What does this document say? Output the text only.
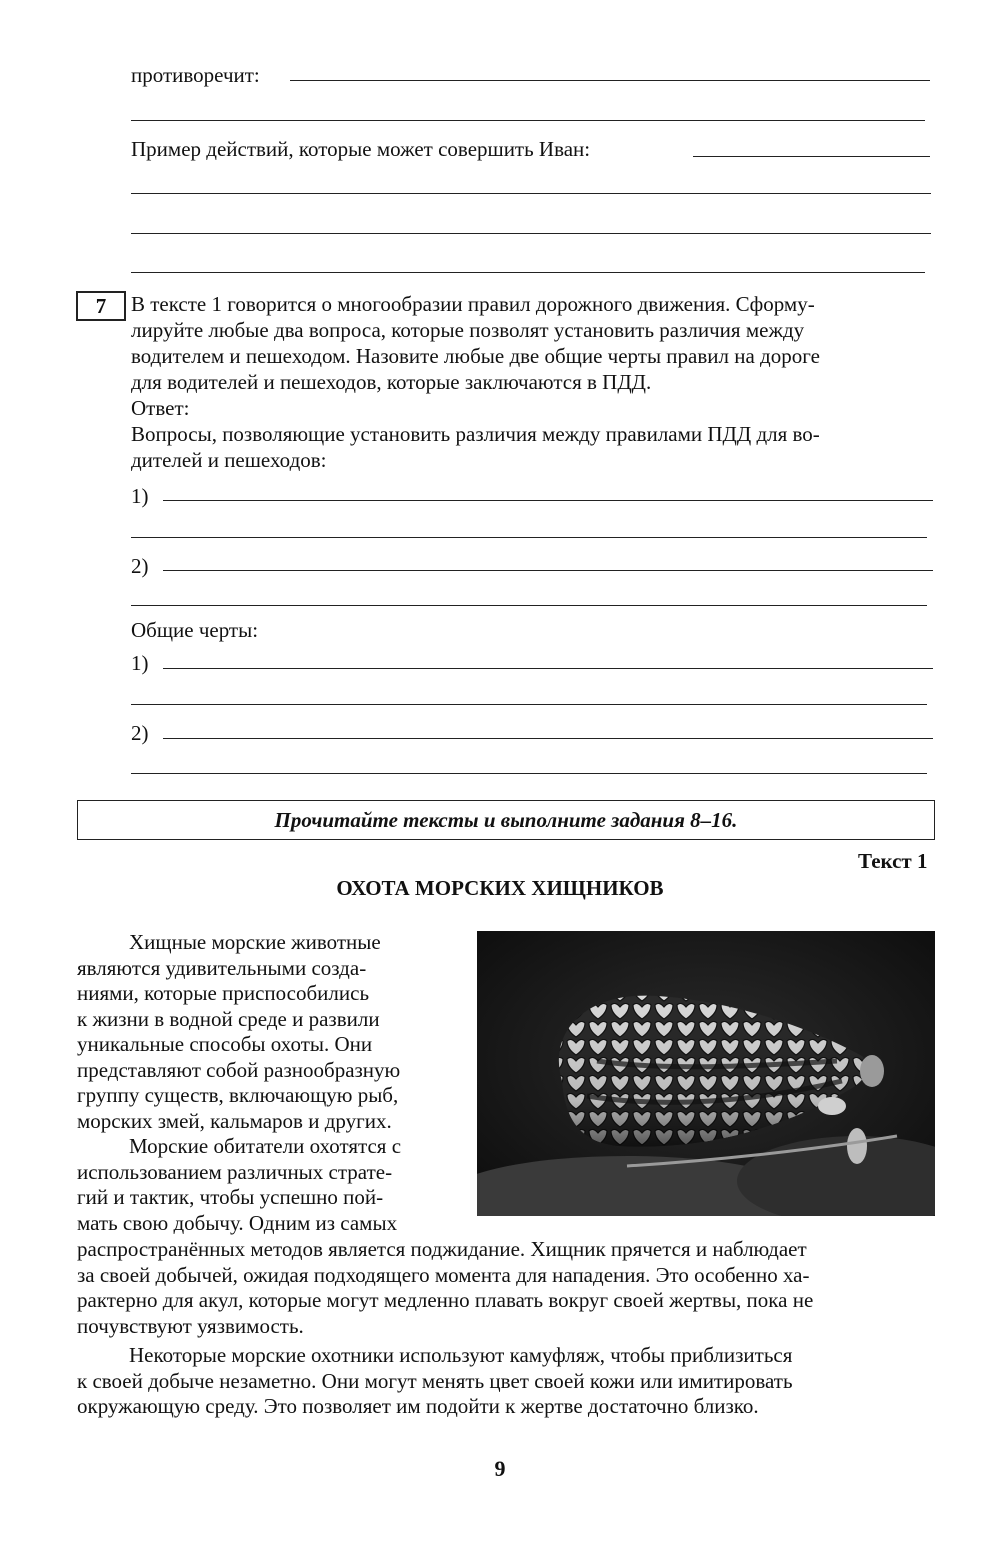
противоречит:
Пример действий, которые может совершить Иван:
7	В тексте 1 говорится о многообразии правил дорожного движения. Сформу-
лируйте любые два вопроса, которые позволят установить различия между
водителем и пешеходом. Назовите любые две общие черты правил на дороге
для водителей и пешеходов, которые заключаются в ПДД.
Ответ:
Вопросы, позволяющие установить различия между правилами ПДД для во-
дителей и пешеходов:
1)
2)
Общие черты:
1)
2)
Прочитайте тексты и выполните задания 8–16.
Текст 1
ОХОТА МОРСКИХ ХИЩНИКОВ

Хищные морские животные

являются удивительными созда-

ниями, которые приспособились

к жизни в водной среде и развили

уникальные способы охоты. Они

представляют собой разнообразную

группу существ, включающую рыб,

морских змей, кальмаров и других.

Морские обитатели охотятся с

использованием различных страте-

гий и тактик, чтобы успешно пой-

мать свою добычу. Одним из самых

распространённых методов является поджидание. Хищник прячется и наблюдает

за своей добычей, ожидая подходящего момента для нападения. Это особенно ха-

рактерно для акул, которые могут медленно плавать вокруг своей жертвы, пока не

почувствуют уязвимость.

Некоторые морские охотники используют камуфляж, чтобы приблизиться

к своей добыче незаметно. Они могут менять цвет своей кожи или имитировать

окружающую среду. Это позволяет им подойти к жертве достаточно близко.

9
